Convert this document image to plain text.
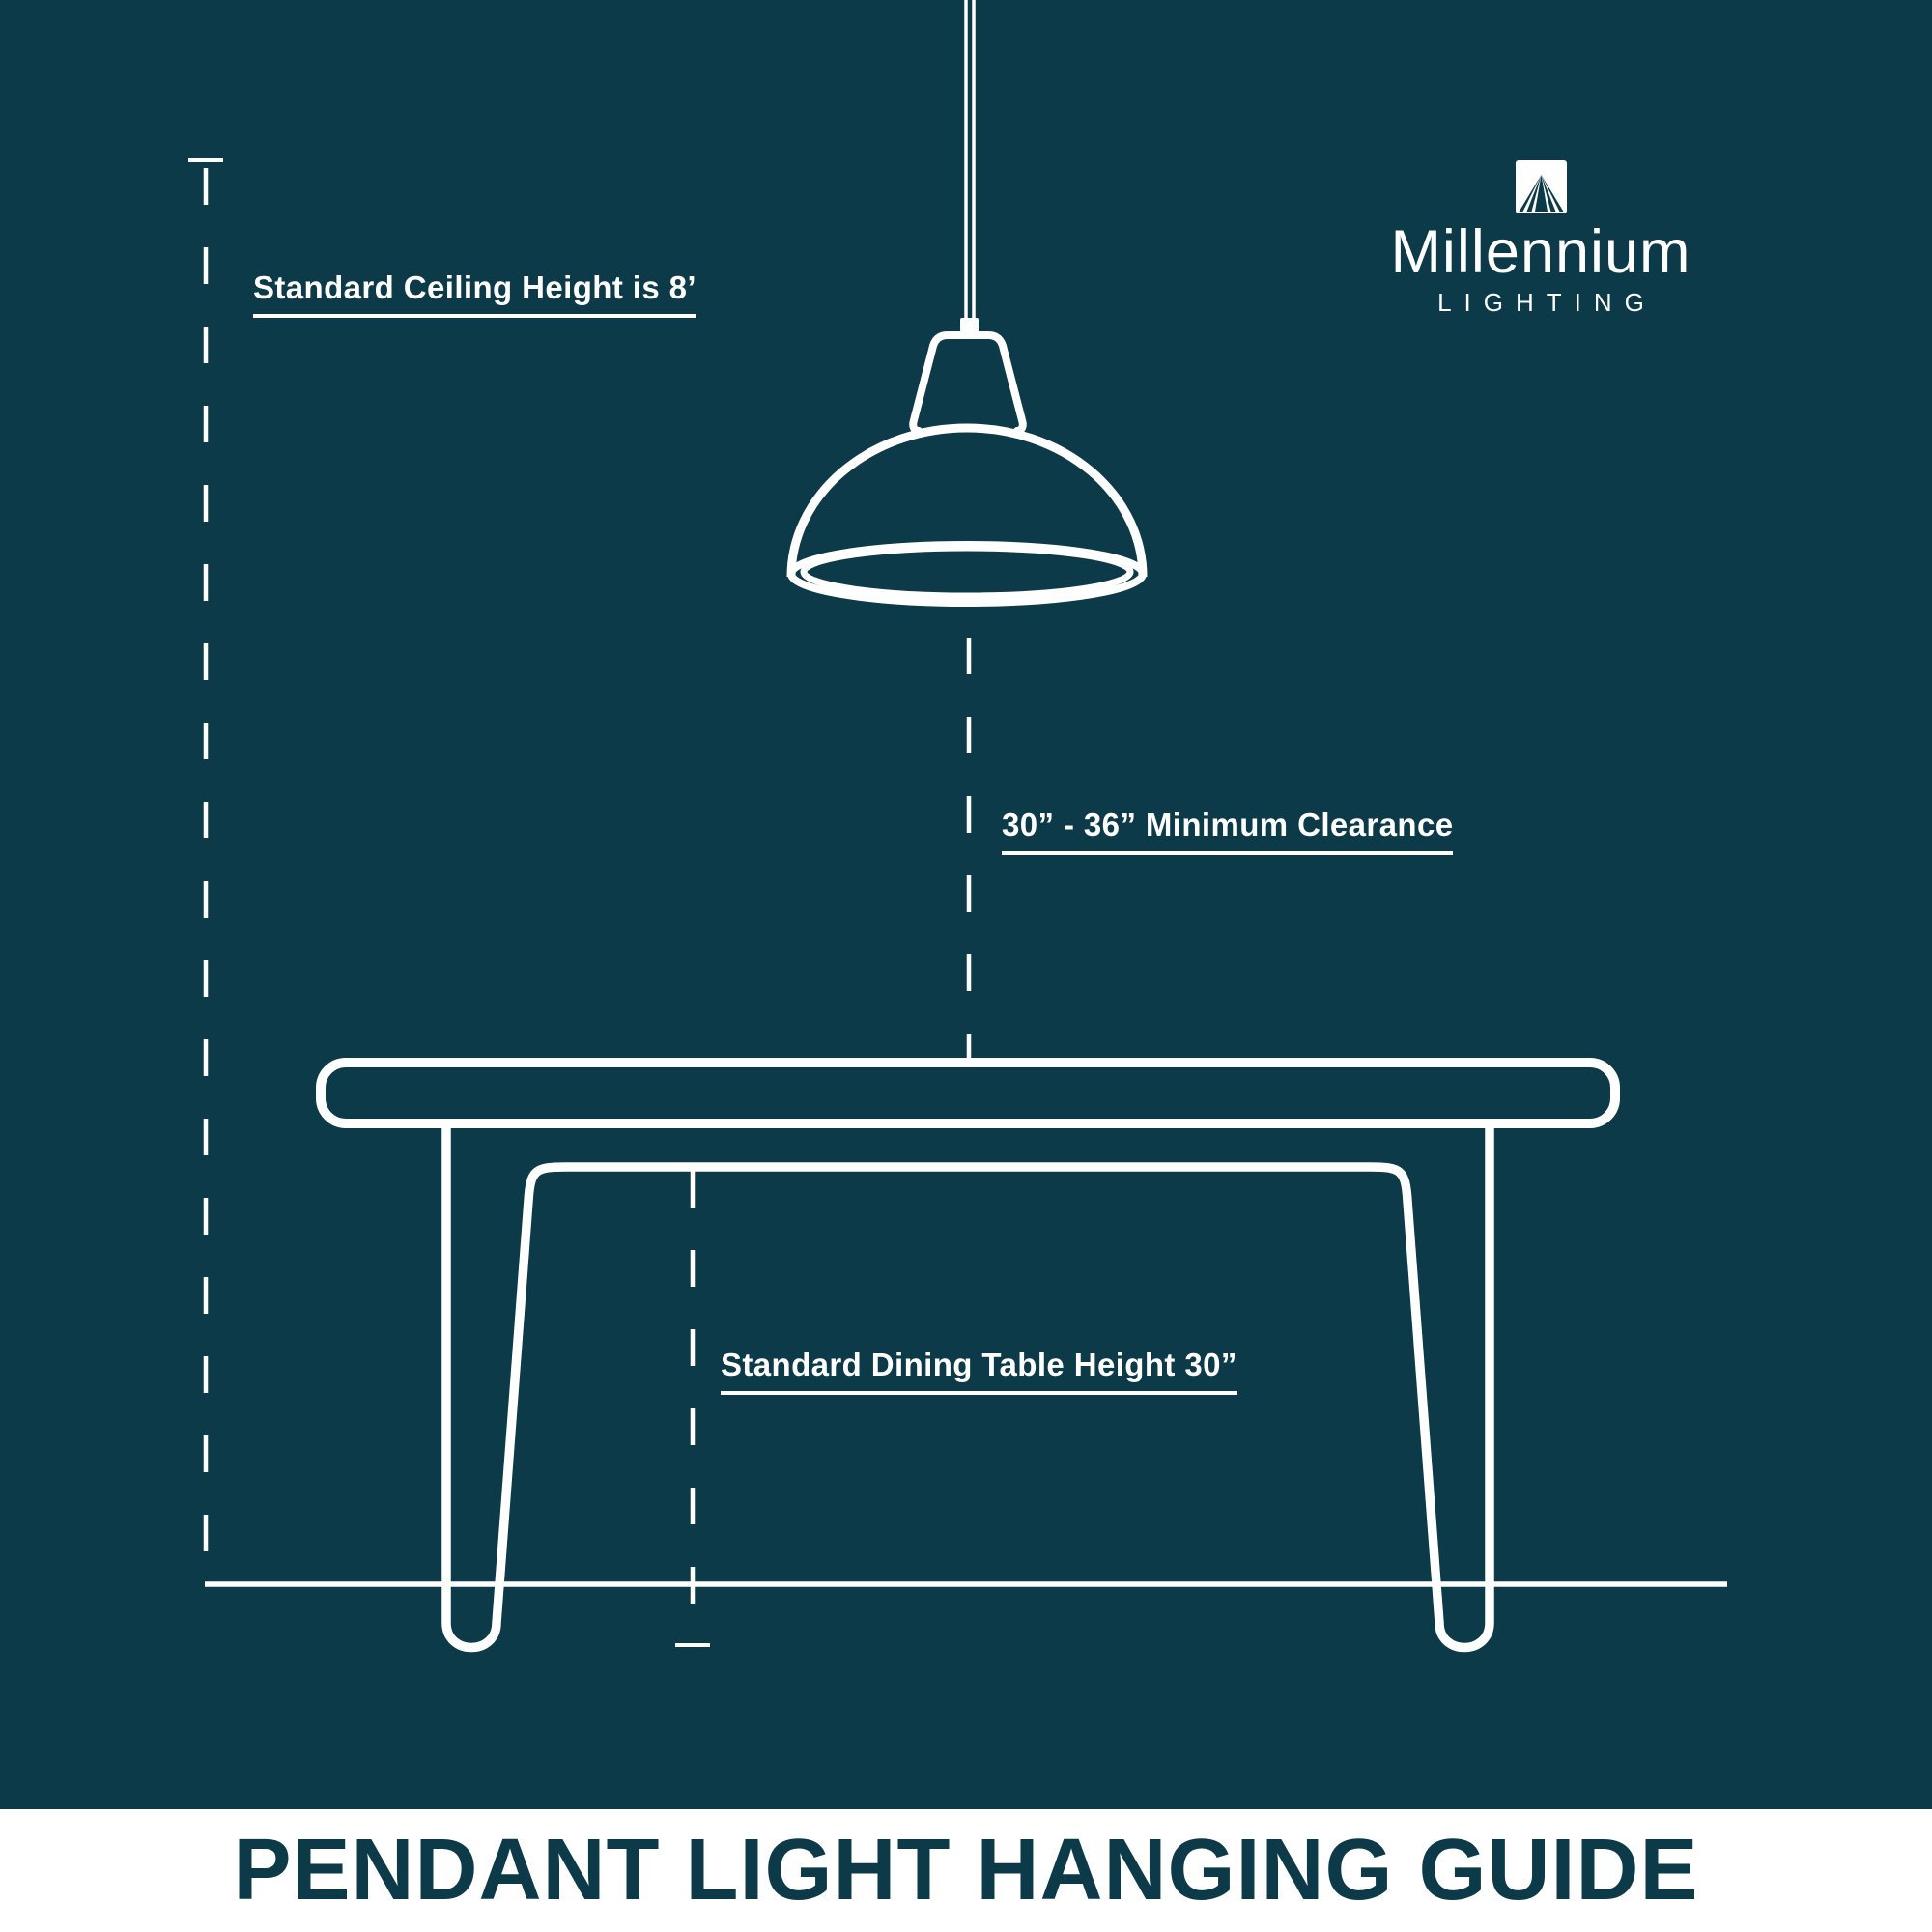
Standard Ceiling Height is 8’
30” - 36” Minimum Clearance
Standard Dining Table Height 30”
Millennium
LIGHTING
PENDANT LIGHT HANGING GUIDE
